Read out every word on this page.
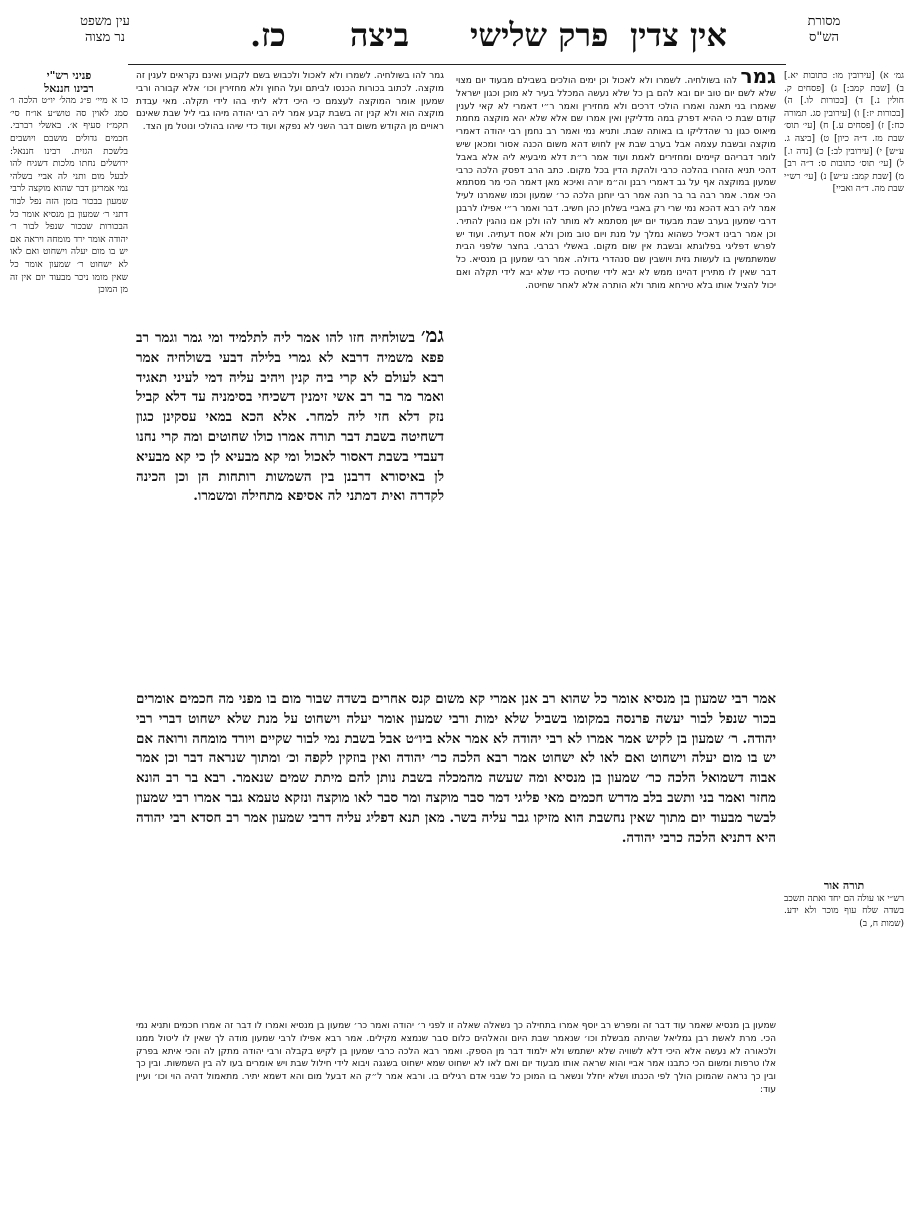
עין משפט
נר מצוה	כז. ביצה פרק שלישי אין צדין	מסורת
הש"ס

גמ׳ א) [עירובין מו: כתובות יא.] ב) [שבת קמב:] ג) [פסחים ק. חולין נ.] ד) [בכורות לו.] ה) [בכורות יז:] ו) [עירובין סג. תמורה כח:] ז) [פסחים ע.] ח) [עי׳ תוס׳ שבת מז. ד״ה כיון] ט) [ביצה ג. ע״ש] י) [עירובין לב:] כ) [נדה ו.] ל) [עי׳ תוס׳ כתובות ס: ד״ה רב] מ) [שבת קמב: ע״ש] נ) [עי׳ רש״י שבת מה. ד״ה ואביי]

תורה אור

רש״י או עולה הם יחד ואתה תשכב בשדה שלח עוף מוכר ולא ידע. (שמות ח, ב)

פניני רש"י
רבינו חננאל

כו א מיי׳ פ״ג מהל׳ יו״ט הלכה ו׳ סמג לאוין סה טוש״ע או״ח סי׳ תקמ״ז סעיף א׳. באשלי רברבי. חכמים גדולים מושבם ויושבים בלשכת הגזית. רבינו חננאל: ירושלים נחתו מלכות דשגיח להו לבעל מום ותני לה אביי בשלהי נמי אמרינן דבר שהוא מוקצה לרבי שמעון בבכור בזמן הזה נפל לבור דתני ר׳ שמעון בן מנסיא אומר כל הבכורות שבכור שנפל לבור ר׳ יהודה אומר ירד מומחה ויראה אם יש בו מום יעלה וישחוט ואם לאו לא ישחוט ר׳ שמעון אומר כל שאין מומו ניכר מבעוד יום אין זה מן המוכן

גמר להו בשולחיה. לשמרו ולא לאכול ולכבוש בשם לקבוע ואינם נקראים לענין זה מוקצה. לכתוב בכורות הכנסו לביתם ועל החוץ ולא מחזירין וכו׳ אלא קבורה ורבי שמעון אומר המוקצה לעצמם כי היכי דלא ליתי בהו לידי תקלה. מאי עבדת מוקצה הוא ולא קנין זה בשבת קבע אמר ליה רבי יהודה מיהו גבי ליל שבת שאינם ראויים מן הקודש משום דבר השני לא נפקא ועוד כדי שיהו בהולכי ונוטל מן הצד.

גמר להו בשולחיה. לשמרו ולא לאכול וכן ימים הולכים בשבילם מבעוד יום מצוי שלא לשם יום טוב יום ובא להם בן כל שלא נעשה המכלל בעיר לא מוכן וכגון ישראל שאמרו בני תאנה ואמרו הולכי דרכים ולא מחזירין ואמר ר״י דאמרי לא קאי לענין קודם שבת כי ההיא דפרק במה מדליקין ואין אמרו שם אלא שלא יהא מוקצה מחמת מיאוס כגון נר שהדליקו בו באותה שבת. ותניא נמי ואמר רב נחמן רבי יהודה דאמרי מוקצה ובשבת עצמה אבל בערב שבת אין לחוש דהא משום הכנה אסור ומכאן שיש לומר דבריהם קיימים ומחזירים לאמת ועוד אמר ר״ת דלא מיבעיא ליה אלא באבל דהכי תניא הזהרו בהלכה כרבי ולהקת הדין בכל מקום. כתב הרב דפסק הלכה כרבי שמעון במוקצה אף על גב דאמרי רבנן וה״מ יורה ואיכא מאן דאמר הכי מר מסתמא הכי אמר. אמר רבה בר בר חנה אמר רבי יוחנן הלכה כר׳ שמעון וכמו שאמרנו לעיל אמר ליה רבא דהכא נמי שרי רק באביי בשלחן כהן חשיב. דבר ואמר ר״י אפילו לרבנן דרבי שמעון בערב שבת מבעוד יום ישן מסתמא לא מותר להו ולכן אנו נוהגין להתיר. וכן אמר רבינו דאכיל כשהוא נמלך על מנת ויום טוב מוכן ולא אסח דעתיה. ועוד יש לפרש דפליגי בפלוגתא ובשבת אין שום מקום. באשלי רברבי. בחצר שלפני הבית שמשתמשין בו לעשות גזית ויושבין שם סנהדרי גדולה. אמר רבי שמעון בן מנסיא. כל דבר שאין לו מתירין דהיינו ממש לא יבא לידי שחיטה כדי שלא יבא לידי תקלה ואם יכול להציל אותו בלא טירחא מותר ולא הותרה אלא לאחר שחיטה.

גמ׳ בשולחיה חזו להו אמר ליה לתלמיד ומי גמר וגמר רב פפא משמיה דרבא לא גמרי בלילה דבעי בשולחיה אמר רבא לעולם לא קרי ביה קנין ויהיב עליה דמי לעיני תאגיד ואמר מר בר רב אשי זימנין דשכיחי בסימניה עד דלא קביל נזק דלא חזי ליה למחר. אלא הכא במאי עסקינן כגון דשחיטה בשבת דבר תורה אמרו כולו שחוטים ומה קרי נחנו דעבדי בשבת דאסור לאכול ומי קא מבעיא לן כי קא מבעיא לן באיסורא דרבנן בין השמשות רותחות הן וכן הכינה לקדרה ואית דמתני לה אסיפא מתחילה ומשמרו.

אמר רבי שמעון בן מנסיא אומר כל שהוא רב אנן אמרי קא משום קנס אחרים בשדה שבור מום בו מפני מה חכמים אומרים בכור שנפל לבור יעשה פרנסה במקומו בשביל שלא ימות ורבי שמעון אומר יעלה וישחוט על מנת שלא ישחוט דברי רבי יהודה. ר׳ שמעון בן לקיש אמר אמרו לא רבי יהודה לא אמר אלא ביו״ט אבל בשבת נמי לבור שקיים ויורד מומחה ורואה אם יש בו מום יעלה וישחוט ואם לאו לא ישחוט אמר רבא הלכה כר׳ יהודה ואין בוזקין לקפה וכ׳ ומתוך שנראה דבר וכן אמר אבוה דשמואל הלכה כר׳ שמעון בן מנסיא ומה שעשה מהמכלה בשבת נותן להם מיתת שמים שנאמר. רבא בר רב הונא מחזר ואמר בני ותשב בלב מדרש חכמים מאי פליגי דמר סבר מוקצה ומר סבר לאו מוקצה ונזקא טעמא גבר אמרו רבי שמעון לבשר מבעוד יום מתוך שאין נחשבת הוא מזיקו גבר עליה בשר. מאן תנא דפליג עליה דרבי שמעון אמר רב חסדא רבי יהודה היא דתניא הלכה כרבי יהודה.

שמעון בן מנסיא שאמר עוד דבר זה ומפרש רב יוסף אמרו בתחילה כך נשאלה שאלה זו לפני ר׳ יהודה ואמר כר׳ שמעון בן מנסיא ואמרו לו דבר זה אמרו חכמים ותניא נמי הכי. מרת לאשת רבן גמליאל שהיתה מבשלת וכו׳ שנאמר שבת היום והאלהים כלום סבר שנמצא מקילים. אמר רבא אפילו לרבי שמעון מודה לך שאין לו ליטול ממנו ולכאורה לא נעשה אלא היכי דלא לשוויה שלא ישתמש ולא ילמוד דבר מן הספק. ואמר רבא הלכה כרבי שמעון בן לקיש בקבלה ורבי יהודה מתקן לה והכי איתא בפרק אלו טרפות ומשום הכי כתבנו אמר אביי והוא שראה אותו מבעוד יום ואם לאו לא ישחוט שמא ישחוט בשגגה ויבוא לידי חילול שבת ויש אומרים בעו לה בין השמשות. ובין כך ובין כך נראה שהמוכן הולך לפי הכנתו ושלא יחלל ונשאר בו המוכן כל שבני אדם רגילים בו. ורבא אמר ל״ק הא דבעל מום והא דשמא יתיר. מתאמול דהיה הוי וכו׳ ועיין עוד:
